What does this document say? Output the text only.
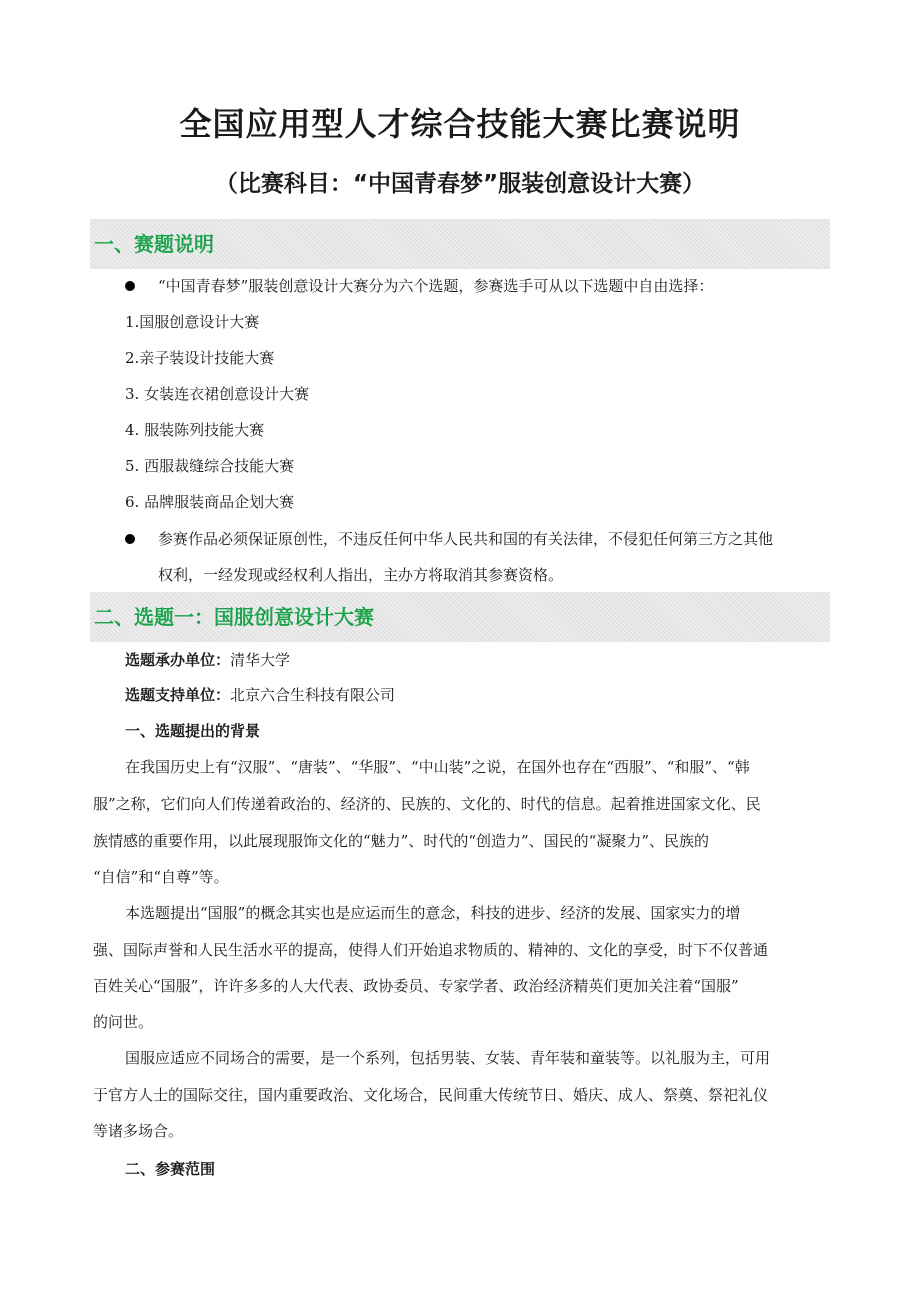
全国应用型人才综合技能大赛比赛说明
（比赛科目：“中国青春梦”服装创意设计大赛）
一、赛题说明

“中国青春梦”服装创意设计大赛分为六个选题，参赛选手可从以下选题中自由选择：

1.国服创意设计大赛

2.亲子装设计技能大赛

3. 女装连衣裙创意设计大赛

4. 服装陈列技能大赛

5. 西服裁缝综合技能大赛

6. 品牌服装商品企划大赛

参赛作品必须保证原创性，不违反任何中华人民共和国的有关法律，不侵犯任何第三方之其他

权利，一经发现或经权利人指出，主办方将取消其参赛资格。

二、选题一：国服创意设计大赛

选题承办单位：清华大学

选题支持单位：北京六合生科技有限公司

一、选题提出的背景

在我国历史上有“汉服”、“唐装”、“华服”、“中山装”之说，在国外也存在“西服”、“和服”、“韩

服”之称，它们向人们传递着政治的、经济的、民族的、文化的、时代的信息。起着推进国家文化、民

族情感的重要作用，以此展现服饰文化的“魅力”、时代的“创造力”、国民的“凝聚力”、民族的

“自信”和“自尊”等。

本选题提出“国服”的概念其实也是应运而生的意念，科技的进步、经济的发展、国家实力的增

强、国际声誉和人民生活水平的提高，使得人们开始追求物质的、精神的、文化的享受，时下不仅普通

百姓关心“国服”，许许多多的人大代表、政协委员、专家学者、政治经济精英们更加关注着“国服”

的问世。

国服应适应不同场合的需要，是一个系列，包括男装、女装、青年装和童装等。以礼服为主，可用

于官方人士的国际交往，国内重要政治、文化场合，民间重大传统节日、婚庆、成人、祭奠、祭祀礼仪

等诸多场合。

二、参赛范围
